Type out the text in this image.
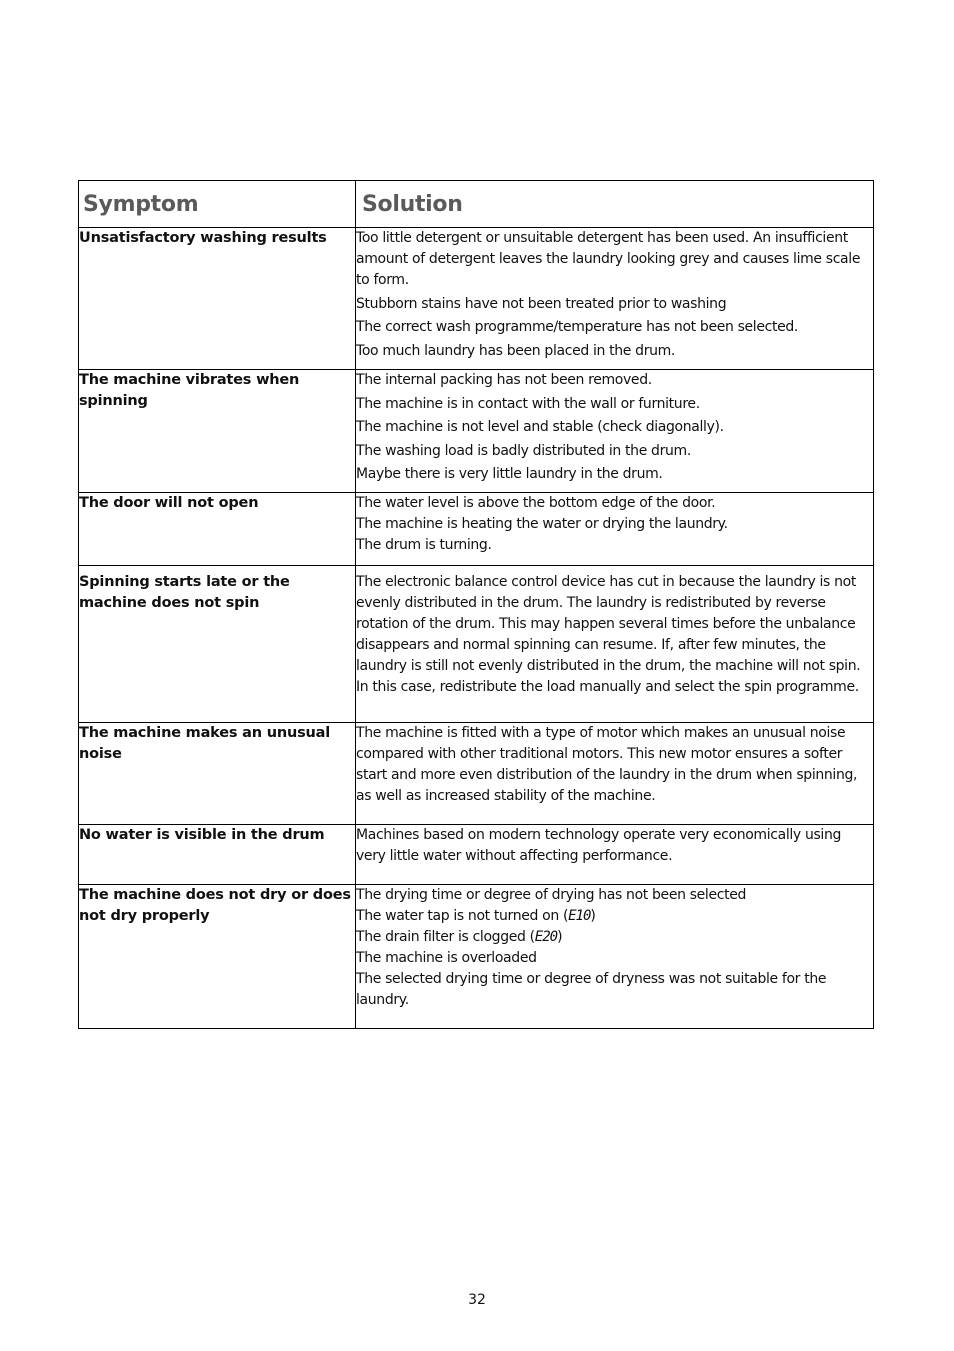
Symptom	Solution
Unsatisfactory washing results	Too little detergent or unsuitable detergent has been used. An insufficient amount of detergent leaves the laundry looking grey and causes lime scale to form.

Stubborn stains have not been treated prior to washing

The correct wash programme/temperature has not been selected.

Too much laundry has been placed in the drum.

The machine vibrates when spinning	The internal packing has not been removed.

The machine is in contact with the wall or furniture.

The machine is not level and stable (check diagonally).

The washing load is badly distributed in the drum.

Maybe there is very little laundry in the drum.

The door will not open	The water level is above the bottom edge of the door.

The machine is heating the water or drying the laundry.

The drum is turning.

Spinning starts late or the machine does not spin	The electronic balance control device has cut in because the laundry is not evenly distributed in the drum. The laundry is redistributed by reverse rotation of the drum. This may happen several times before the unbalance disappears and normal spinning can resume. If, after few minutes, the laundry is still not evenly distributed in the drum, the machine will not spin. In this case, redistribute the load manually and select the spin programme.

The machine makes an unusual noise	The machine is fitted with a type of motor which makes an unusual noise compared with other traditional motors. This new motor ensures a softer start and more even distribution of the laundry in the drum when spinning, as well as increased stability of the machine.

No water is visible in the drum	Machines based on modern technology operate very economically using very little water without affecting performance.

The machine does not dry or does not dry properly	The drying time or degree of drying has not been selected

The water tap is not turned on (E10)

The drain filter is clogged (E20)

The machine is overloaded

The selected drying time or degree of dryness was not suitable for the laundry.

32
